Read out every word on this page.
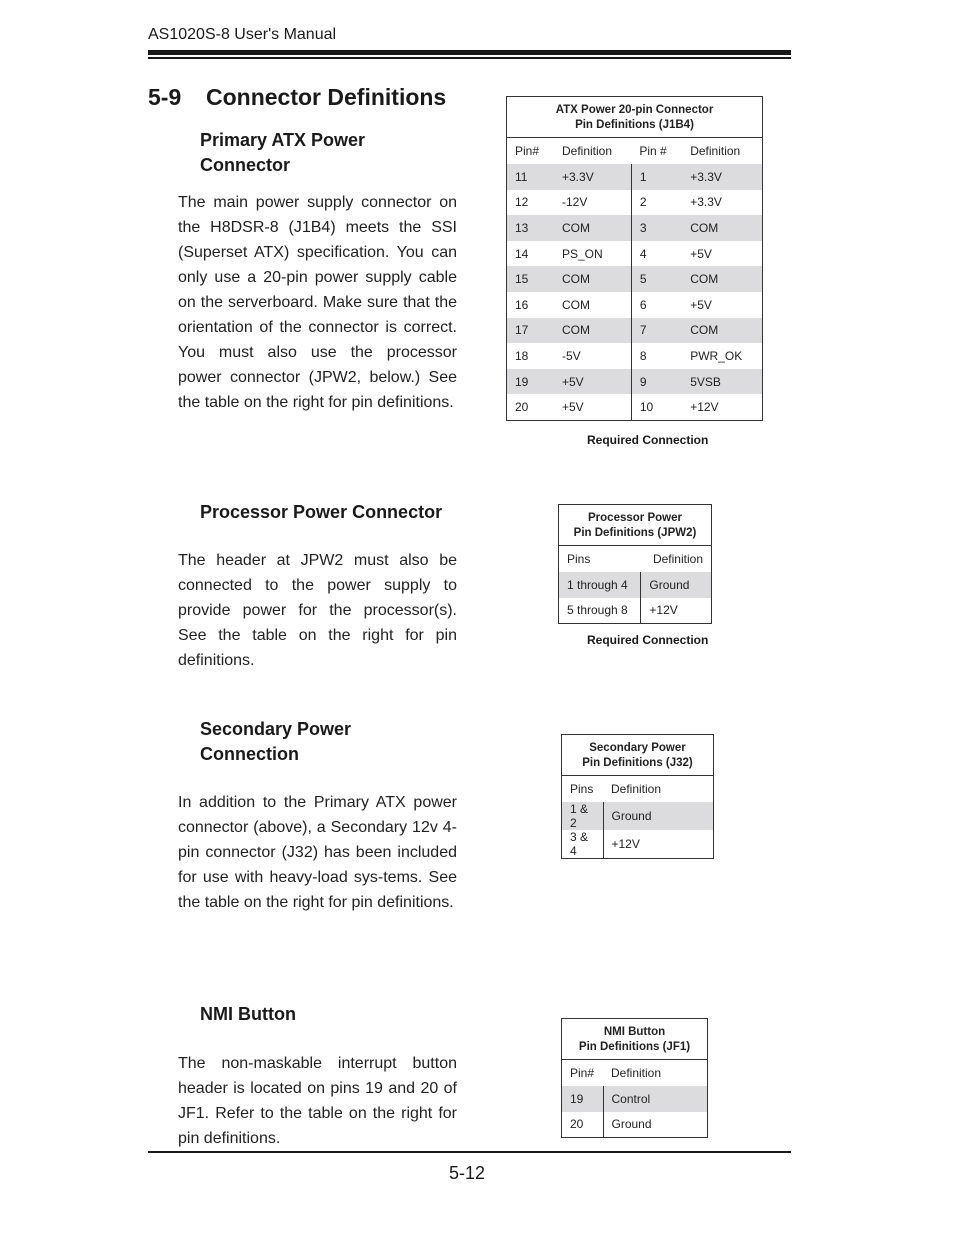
AS1020S-8 User's Manual
5-9 Connector Definitions
Primary ATX Power
Connector
The main power supply connector on the H8DSR-8 (J1B4) meets the SSI (Superset ATX) specification. You can only use a 20-pin power supply cable on the serverboard. Make sure that the orientation of the connector is correct. You must also use the processor power connector (JPW2, below.) See the table on the right for pin definitions.
ATX Power 20-pin Connector
Pin Definitions (J1B4)			

Pin#	Definition	Pin #	Definition
11	+3.3V	1	+3.3V
12	-12V	2	+3.3V
13	COM	3	COM
14	PS_ON	4	+5V
15	COM	5	COM
16	COM	6	+5V
17	COM	7	COM
18	-5V	8	PWR_OK
19	+5V	9	5VSB
20	+5V	10	+12V
Required Connection
Processor Power Connector
The header at JPW2 must also be connected to the power supply to provide power for the processor(s). See the table on the right for pin definitions.
Processor Power
Pin Definitions (JPW2)	

Pins	Definition
1 through 4	Ground
5 through 8	+12V
Required Connection
Secondary Power
Connection
In addition to the Primary ATX power connector (above), a Secondary 12v 4-pin connector (J32) has been included for use with heavy-load sys-tems. See the table on the right for pin definitions.
Secondary Power
Pin Definitions (J32)	

Pins	Definition
1 & 2	Ground
3 & 4	+12V
NMI Button
The non-maskable interrupt button header is located on pins 19 and 20 of JF1. Refer to the table on the right for pin definitions.
NMI Button
Pin Definitions (JF1)	

Pin#	Definition
19	Control
20	Ground
5-12
